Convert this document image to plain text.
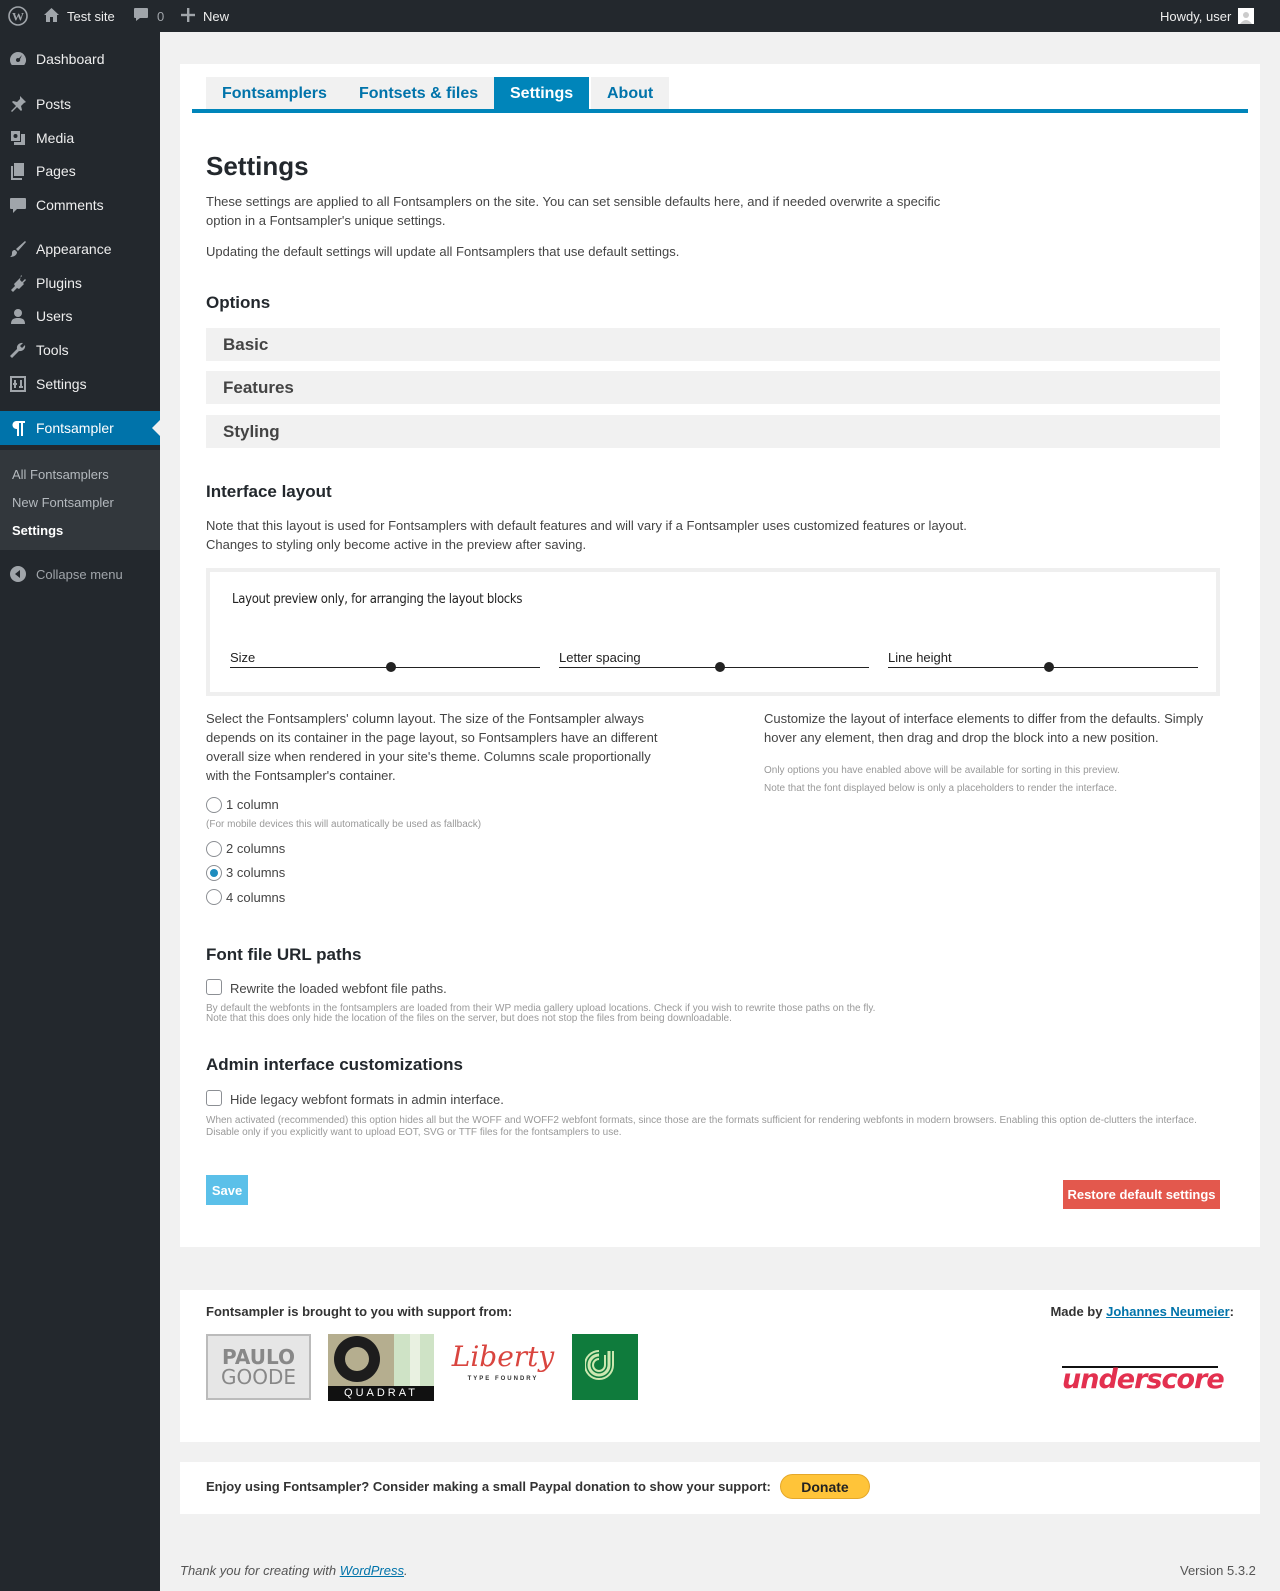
W	Test site	0	New	Howdy, user
Dashboard
Posts
Media
Pages
Comments
Appearance
Plugins
Users
Tools
Settings
Fontsampler
All Fontsamplers
New Fontsampler
Settings
Collapse menu
Fontsamplers	Fontsets & files	Settings	About
Settings
These settings are applied to all Fontsamplers on the site. You can set sensible defaults here, and if needed overwrite a specific option in a Fontsampler's unique settings.
Updating the default settings will update all Fontsamplers that use default settings.
Options
Basic
Features
Styling
Interface layout
Note that this layout is used for Fontsamplers with default features and will vary if a Fontsampler uses customized features or layout.
Changes to styling only become active in the preview after saving.
Layout preview only, for arranging the layout blocks
Size	Letter spacing	Line height
Select the Fontsamplers' column layout. The size of the Fontsampler always depends on its container in the page layout, so Fontsamplers have an different overall size when rendered in your site's theme. Columns scale proportionally with the Fontsampler's container.
1 column
(For mobile devices this will automatically be used as fallback)
2 columns
3 columns
4 columns
Customize the layout of interface elements to differ from the defaults. Simply hover any element, then drag and drop the block into a new position.
Only options you have enabled above will be available for sorting in this preview.
Note that the font displayed below is only a placeholders to render the interface.
Font file URL paths
Rewrite the loaded webfont file paths.
By default the webfonts in the fontsamplers are loaded from their WP media gallery upload locations. Check if you wish to rewrite those paths on the fly.
Note that this does only hide the location of the files on the server, but does not stop the files from being downloadable.
Admin interface customizations
Hide legacy webfont formats in admin interface.
When activated (recommended) this option hides all but the WOFF and WOFF2 webfont formats, since those are the formats sufficient for rendering webfonts in modern browsers. Enabling this option de-clutters the interface. Disable only if you explicitly want to upload EOT, SVG or TTF files for the fontsamplers to use.
Save	Restore default settings
Fontsampler is brought to you with support from:	Made by Johannes Neumeier:
PAULO
GOODE
QUADRAT
Liberty
TYPE FOUNDRY	underscore
Enjoy using Fontsampler? Consider making a small Paypal donation to show your support:	Donate
Thank you for creating with WordPress.	Version 5.3.2
